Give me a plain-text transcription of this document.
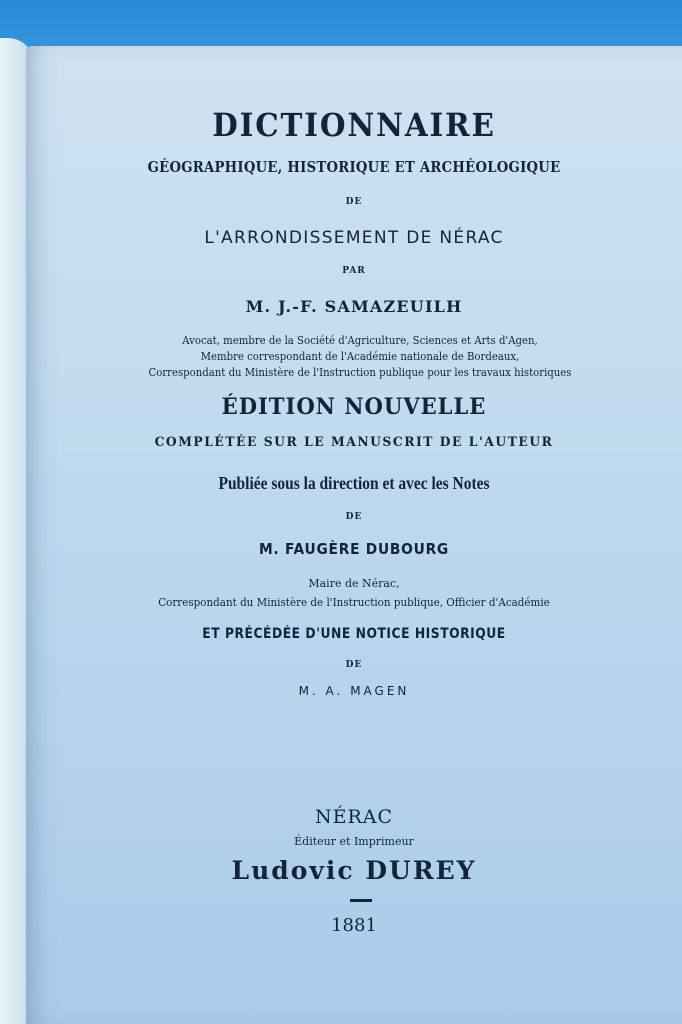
DICTIONNAIRE
GÉOGRAPHIQUE, HISTORIQUE ET ARCHÉOLOGIQUE
DE
L'ARRONDISSEMENT DE NÉRAC
PAR
M. J.-F. SAMAZEUILH
Avocat, membre de la Société d'Agriculture, Sciences et Arts d'Agen,
Membre correspondant de l'Académie nationale de Bordeaux,
Correspondant du Ministère de l'Instruction publique pour les travaux historiques
ÉDITION NOUVELLE
COMPLÉTÉE SUR LE MANUSCRIT DE L'AUTEUR
Publiée sous la direction et avec les Notes
DE
M. FAUGÈRE DUBOURG
Maire de Nérac,
Correspondant du Ministère de l'Instruction publique, Officier d'Académie
ET PRÉCÉDÉE D'UNE NOTICE HISTORIQUE
DE
M. A. MAGEN
NÉRAC
Éditeur et Imprimeur
Ludovic DUREY
1881
